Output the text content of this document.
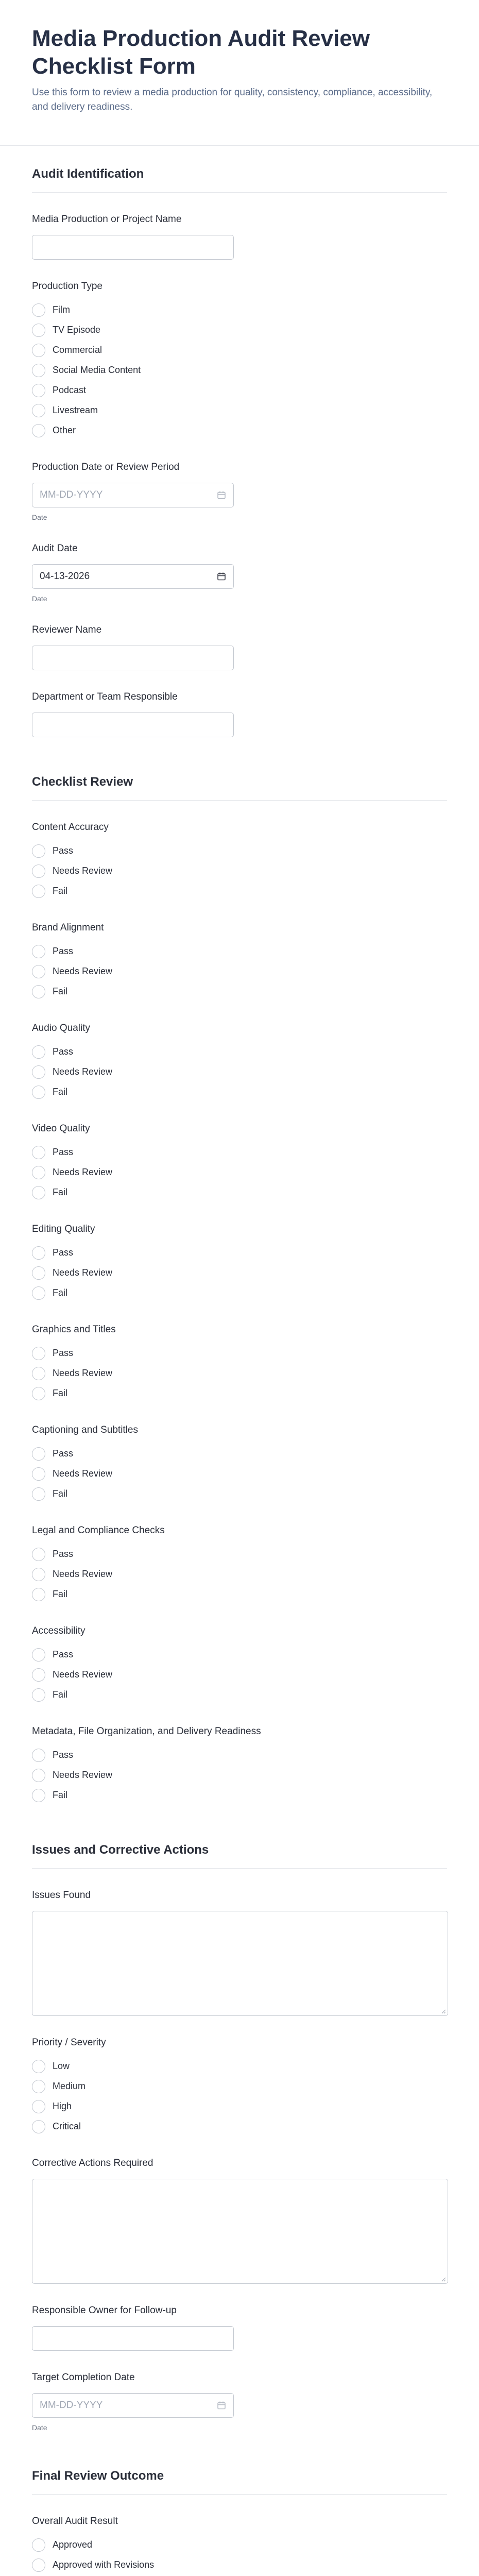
Media Production Audit Review Checklist Form
Use this form to review a media production for quality, consistency, compliance, accessibility, and delivery readiness.
Audit Identification
Media Production or Project Name
Production Type
Film
TV Episode
Commercial
Social Media Content
Podcast
Livestream
Other
Production Date or Review Period
MM-DD-YYYY
Date
Audit Date
04-13-2026
Date
Reviewer Name
Department or Team Responsible
Checklist Review
Content Accuracy
Pass
Needs Review
Fail
Brand Alignment
Pass
Needs Review
Fail
Audio Quality
Pass
Needs Review
Fail
Video Quality
Pass
Needs Review
Fail
Editing Quality
Pass
Needs Review
Fail
Graphics and Titles
Pass
Needs Review
Fail
Captioning and Subtitles
Pass
Needs Review
Fail
Legal and Compliance Checks
Pass
Needs Review
Fail
Accessibility
Pass
Needs Review
Fail
Metadata, File Organization, and Delivery Readiness
Pass
Needs Review
Fail
Issues and Corrective Actions
Issues Found
Priority / Severity
Low
Medium
High
Critical
Corrective Actions Required
Responsible Owner for Follow-up
Target Completion Date
MM-DD-YYYY
Date
Final Review Outcome
Overall Audit Result
Approved
Approved with Revisions
